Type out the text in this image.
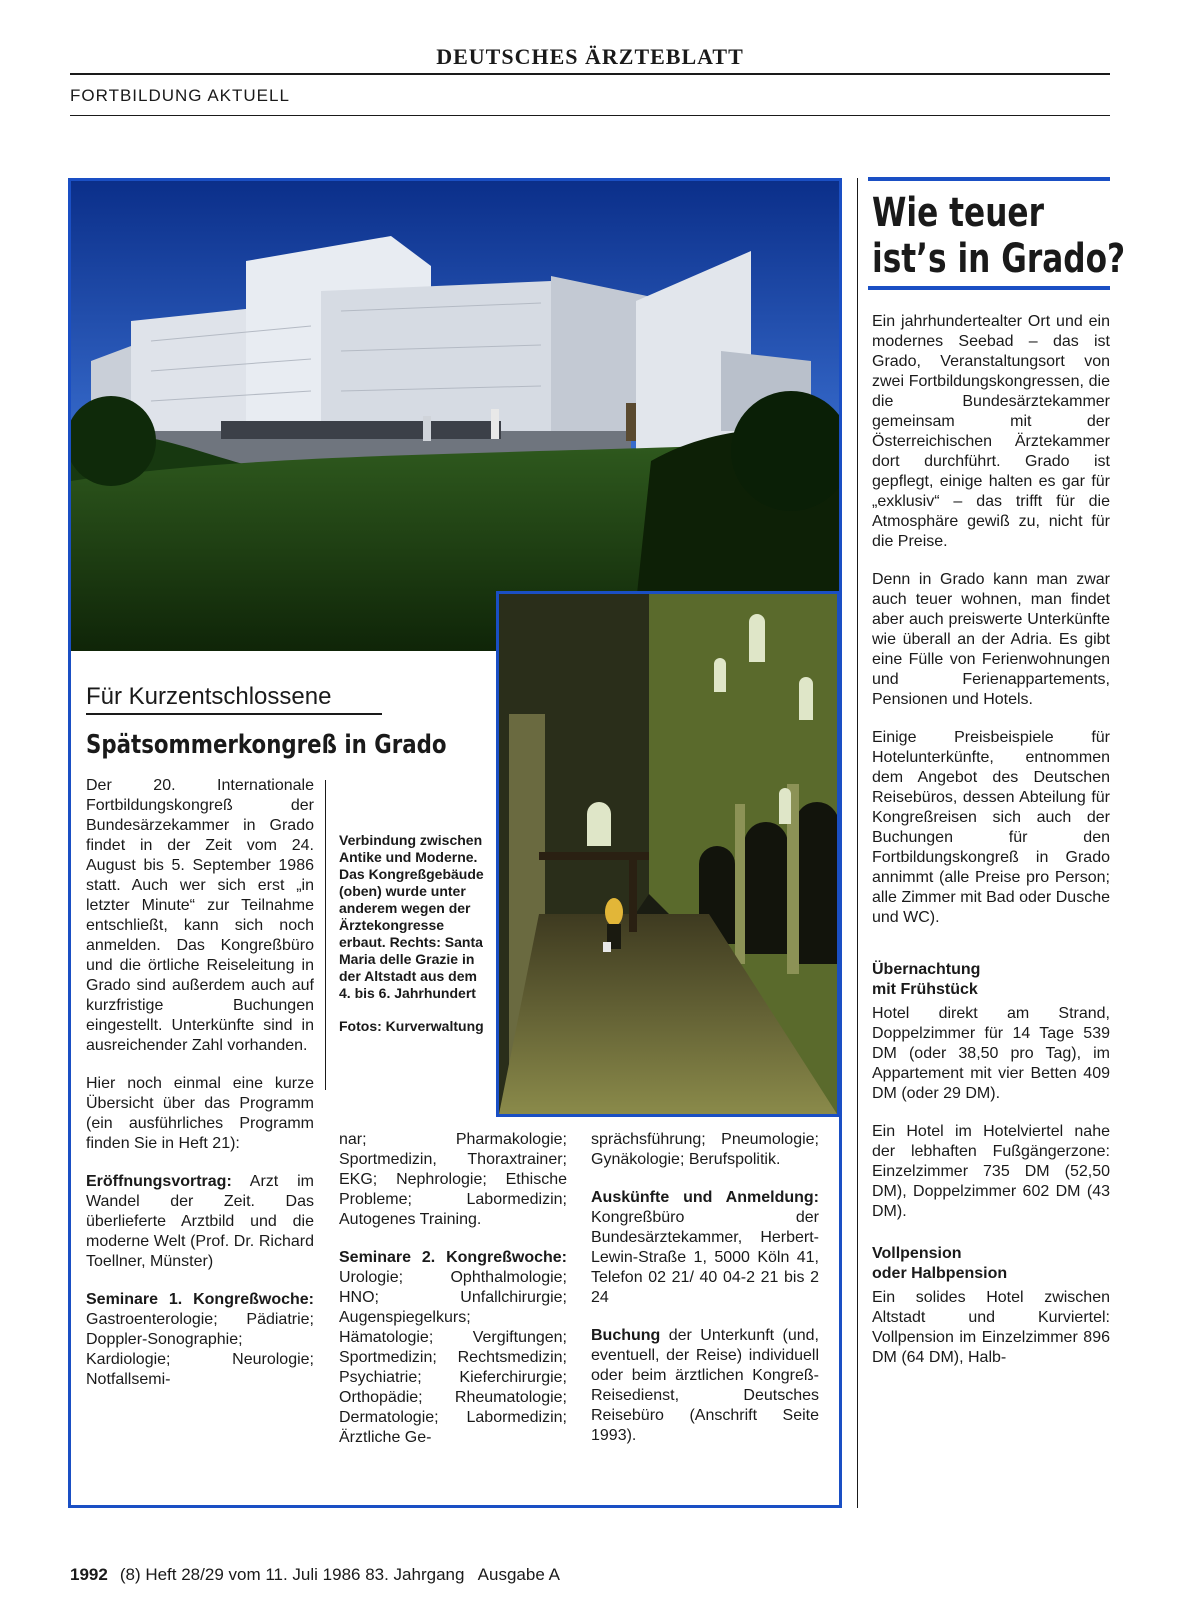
DEUTSCHES ÄRZTEBLATT
FORTBILDUNG AKTUELL
Für Kurzentschlossene
Spätsommerkongreß in Grado

Der 20. Internationale Fortbildungskongreß der Bundesärzekammer in Grado findet in der Zeit vom 24. August bis 5. September 1986 statt. Auch wer sich erst „in letzter Minute“ zur Teilnahme entschließt, kann sich noch anmelden. Das Kongreßbüro und die örtliche Reiseleitung in Grado sind außerdem auch auf kurzfristige Buchungen eingestellt. Unterkünfte sind in ausreichender Zahl vorhanden.

Hier noch einmal eine kurze Übersicht über das Programm (ein ausführliches Programm finden Sie in Heft 21):

Eröffnungsvortrag: Arzt im Wandel der Zeit. Das überlieferte Arztbild und die moderne Welt (Prof. Dr. Richard Toellner, Münster)

Seminare 1. Kongreßwoche: Gastroenterologie; Pädiatrie; Doppler-Sonographie; Kardiologie; Neurologie; Notfallsemi-

Verbindung zwischen Antike und Moderne. Das Kongreßgebäude (oben) wurde unter anderem wegen der Ärztekongresse erbaut. Rechts: Santa Maria delle Grazie in der Altstadt aus dem 4. bis 6. Jahrhundert

Fotos: Kurverwaltung

nar; Pharmakologie; Sportmedizin, Thoraxtrainer; EKG; Nephrologie; Ethische Probleme; Labormedizin; Autogenes Training.

Seminare 2. Kongreßwoche: Urologie; Ophthalmologie; HNO; Unfallchirurgie; Augenspiegelkurs; Hämatologie; Vergiftungen; Sportmedizin; Rechtsmedizin; Psychiatrie; Kieferchirurgie; Orthopädie; Rheumatologie; Dermatologie; Labormedizin; Ärztliche Ge-

sprächsführung; Pneumologie; Gynäkologie; Berufspolitik.

Auskünfte und Anmeldung: Kongreßbüro der Bundesärztekammer, Herbert-Lewin-Straße 1, 5000 Köln 41, Telefon 02 21/ 40 04-2 21 bis 2 24

Buchung der Unterkunft (und, eventuell, der Reise) individuell oder beim ärztlichen Kongreß-Reisedienst, Deutsches Reisebüro (Anschrift Seite 1993).

Wie teuer
ist’s in Grado?

Ein jahrhundertealter Ort und ein modernes Seebad – das ist Grado, Veranstaltungsort von zwei Fortbildungskongressen, die die Bundesärztekammer gemeinsam mit der Österreichischen Ärztekammer dort durchführt. Grado ist gepflegt, einige halten es gar für „exklusiv“ – das trifft für die Atmosphäre gewiß zu, nicht für die Preise.

Denn in Grado kann man zwar auch teuer wohnen, man findet aber auch preiswerte Unterkünfte wie überall an der Adria. Es gibt eine Fülle von Ferienwohnungen und Ferienappartements, Pensionen und Hotels.

Einige Preisbeispiele für Hotelunterkünfte, entnommen dem Angebot des Deutschen Reisebüros, dessen Abteilung für Kongreßreisen sich auch der Buchungen für den Fortbildungskongreß in Grado annimmt (alle Preise pro Person; alle Zimmer mit Bad oder Dusche und WC).

Übernachtung
mit Frühstück

Hotel direkt am Strand, Doppelzimmer für 14 Tage 539 DM (oder 38,50 pro Tag), im Appartement mit vier Betten 409 DM (oder 29 DM).

Ein Hotel im Hotelviertel nahe der lebhaften Fußgängerzone: Einzelzimmer 735 DM (52,50 DM), Doppelzimmer 602 DM (43 DM).

Vollpension
oder Halbpension

Ein solides Hotel zwischen Altstadt und Kurviertel: Vollpension im Einzelzimmer 896 DM (64 DM), Halb-

1992 (8) Heft 28/29 vom 11. Juli 1986 83. Jahrgang   Ausgabe A
